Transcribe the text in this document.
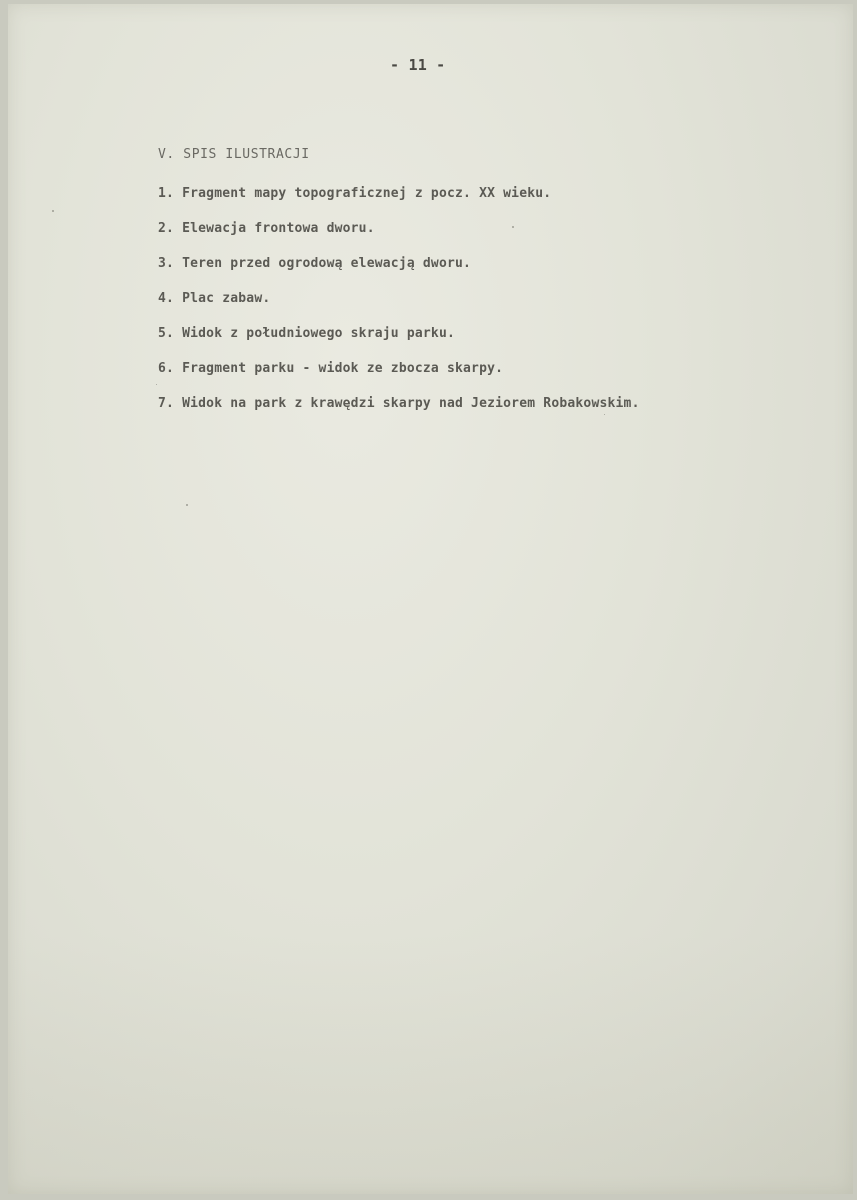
- 11 -
V. SPIS ILUSTRACJI
1. Fragment mapy topograficznej z pocz. XX wieku.
2. Elewacja frontowa dworu.
3. Teren przed ogrodową elewacją dworu.
4. Plac zabaw.
5. Widok z południowego skraju parku.
6. Fragment parku - widok ze zbocza skarpy.
7. Widok na park z krawędzi skarpy nad Jeziorem Robakowskim.
